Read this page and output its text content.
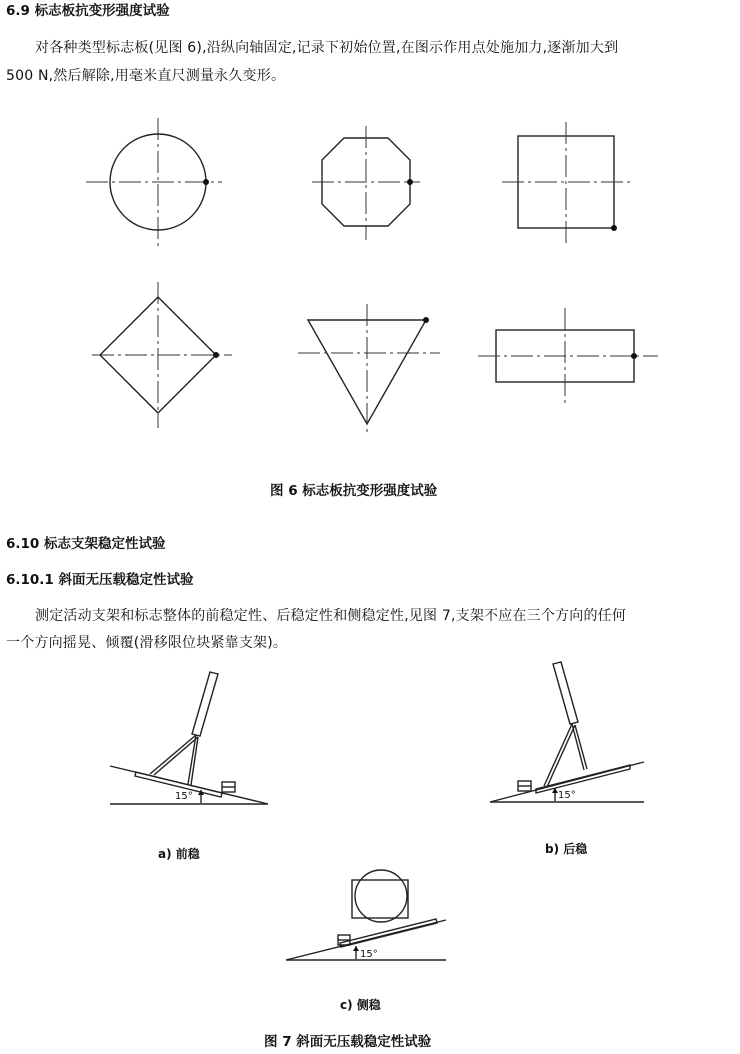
6.9 标志板抗变形强度试验
对各种类型标志板(见图 6),沿纵向轴固定,记录下初始位置,在图示作用点处施加力,逐渐加大到
500 N,然后解除,用毫米直尺测量永久变形。
图 6 标志板抗变形强度试验
6.10 标志支架稳定性试验
6.10.1 斜面无压载稳定性试验
测定活动支架和标志整体的前稳定性、后稳定性和侧稳定性,见图 7,支架不应在三个方向的任何
一个方向摇晃、倾覆(滑移限位块紧靠支架)。
a) 前稳	b) 后稳
c) 侧稳
图 7 斜面无压载稳定性试验
15°	15°
15°
